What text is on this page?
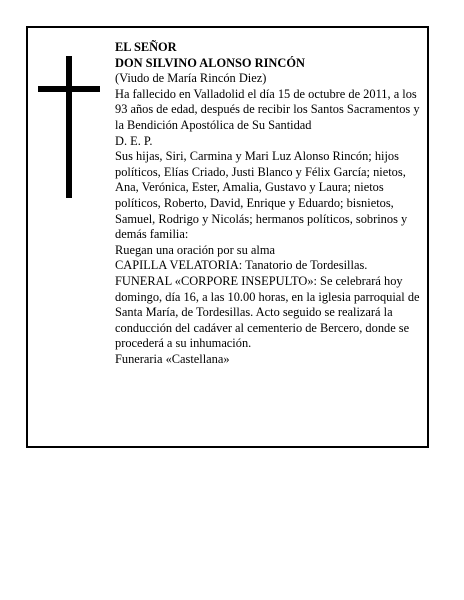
EL SEÑOR

DON SILVINO ALONSO RINCÓN

(Viudo de María Rincón Diez)

Ha fallecido en Valladolid el día 15 de octubre de 2011, a los 93 años de edad, después de recibir los Santos Sacramentos y la Bendición Apostólica de Su Santidad

D. E. P.

Sus hijas, Siri, Carmina y Mari Luz Alonso Rincón; hijos políticos, Elías Criado, Justi Blanco y Félix García; nietos, Ana, Verónica, Ester, Amalia, Gustavo y Laura; nietos políticos, Roberto, David, Enrique y Eduardo; bisnietos, Samuel, Rodrigo y Nicolás; hermanos políticos, sobrinos y demás familia:

Ruegan una oración por su alma

CAPILLA VELATORIA: Tanatorio de Tordesillas.

FUNERAL «CORPORE INSEPULTO»: Se celebrará hoy domingo, día 16, a las 10.00 horas, en la iglesia parroquial de Santa María, de Tordesillas. Acto seguido se realizará la conducción del cadáver al cementerio de Bercero, donde se procederá a su inhumación.

Funeraria «Castellana»
